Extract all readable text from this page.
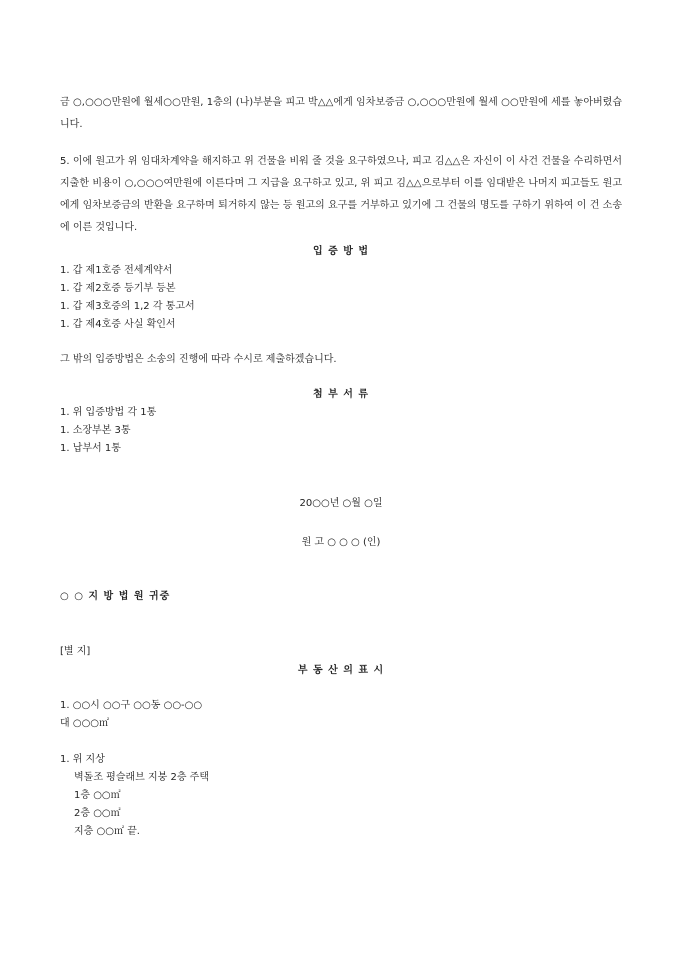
금 ○,○○○만원에 월세○○만원, 1층의 (나)부분을 피고 박△△에게 임차보증금 ○,○○○만원에 월세 ○○만원에 세를 놓아버렸습니다.
5. 이에 원고가 위 임대차계약을 해지하고 위 건물을 비워 줄 것을 요구하였으나, 피고 김△△은 자신이 이 사건 건물을 수리하면서 지출한 비용이 ○,○○○여만원에 이른다며 그 지급을 요구하고 있고, 위 피고 김△△으로부터 이를 임대받은 나머지 피고들도 원고에게 임차보증금의 반환을 요구하며 퇴거하지 않는 등 원고의 요구를 거부하고 있기에 그 건물의 명도를 구하기 위하여 이 건 소송에 이른 것입니다.
입 증 방 법
1. 갑 제1호증 전세계약서
1. 갑 제2호증 등기부 등본
1. 갑 제3호증의 1,2 각 통고서
1. 갑 제4호증 사실 확인서
그 밖의 입증방법은 소송의 진행에 따라 수시로 제출하겠습니다.
첨 부 서 류
1. 위 입증방법 각 1통
1. 소장부본 3통
1. 납부서 1통
20○○년 ○월 ○일
원 고 ○ ○ ○ (인)
○ ○ 지 방 법 원 귀중
[별 지]
부 동 산 의 표 시
1. ○○시 ○○구 ○○동 ○○-○○
대 ○○○㎡
1. 위 지상
벽돌조 평슬래브 지붕 2층 주택
1층 ○○㎡
2층 ○○㎡
지층 ○○㎡ 끝.
